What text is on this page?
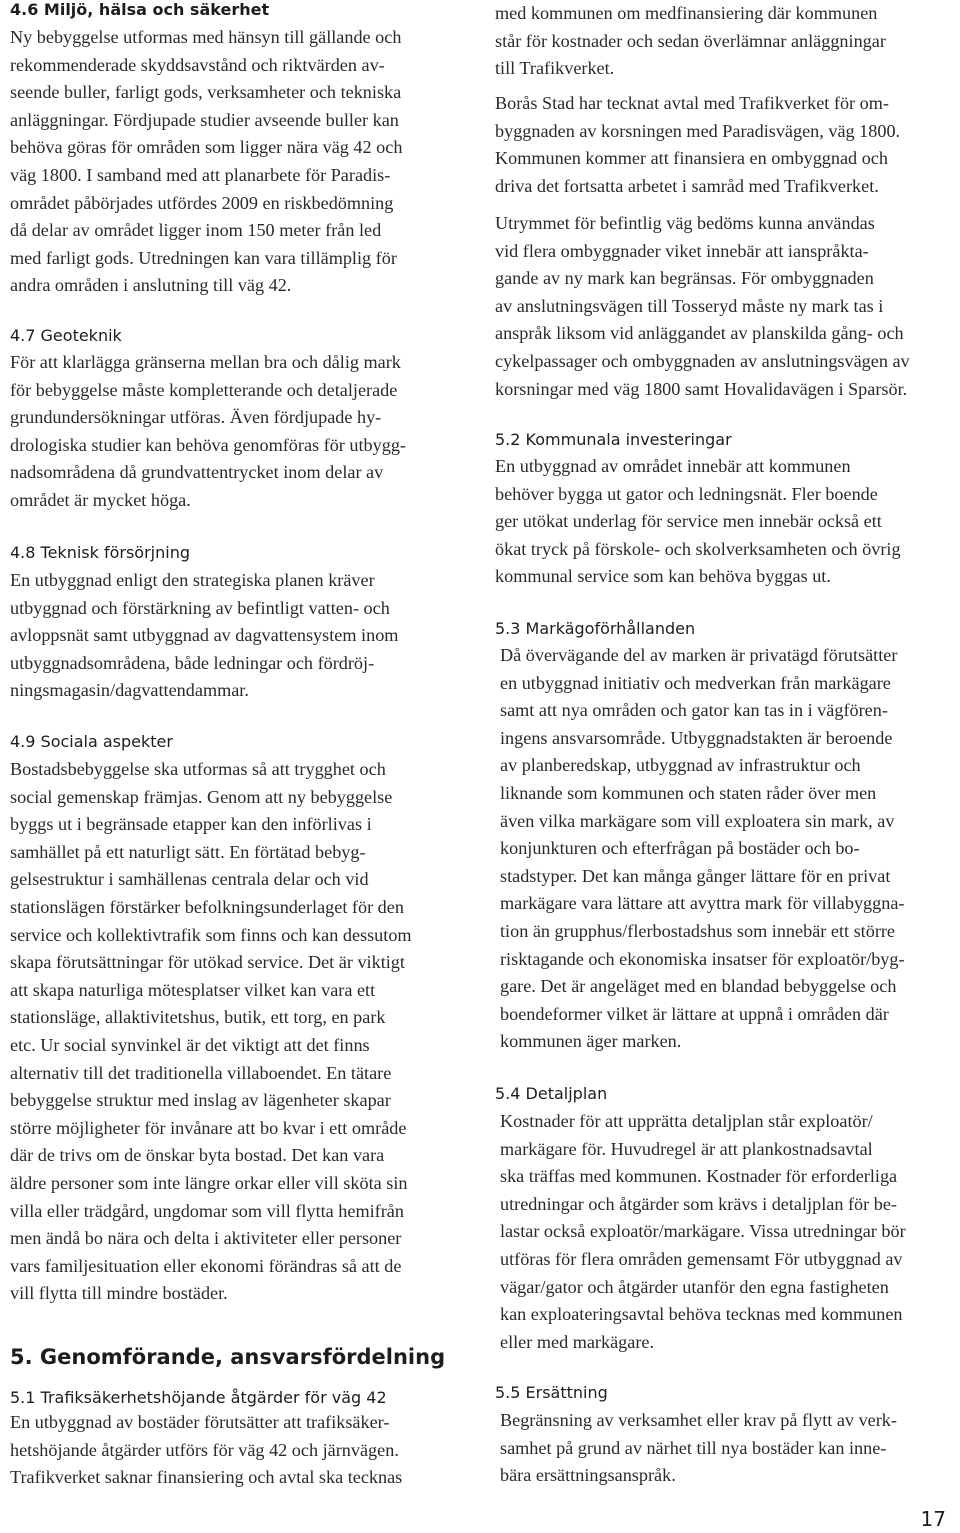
4.6 Miljö, hälsa och säkerhet
Ny bebyggelse utformas med hänsyn till gällande och
rekommenderade skyddsavstånd och riktvärden av-
seende buller, farligt gods, verksamheter och tekniska
anläggningar. Fördjupade studier avseende buller kan
behöva göras för områden som ligger nära väg 42 och
väg 1800. I samband med att planarbete för Paradis-
området påbörjades utfördes 2009 en riskbedömning
då delar av området ligger inom 150 meter från led
med farligt gods. Utredningen kan vara tillämplig för
andra områden i anslutning till väg 42.
4.7 Geoteknik
För att klarlägga gränserna mellan bra och dålig mark
för bebyggelse måste kompletterande och detaljerade
grundundersökningar utföras. Även fördjupade hy-
drologiska studier kan behöva genomföras för utbygg-
nadsområdena då grundvattentrycket inom delar av
området är mycket höga.
4.8 Teknisk försörjning
En utbyggnad enligt den strategiska planen kräver
utbyggnad och förstärkning av befintligt vatten- och
avloppsnät samt utbyggnad av dagvattensystem inom
utbyggnadsområdena, både ledningar och fördröj-
ningsmagasin/dagvattendammar.
4.9 Sociala aspekter
Bostadsbebyggelse ska utformas så att trygghet och
social gemenskap främjas. Genom att ny bebyggelse
byggs ut i begränsade etapper kan den införlivas i
samhället på ett naturligt sätt. En förtätad bebyg-
gelsestruktur i samhällenas centrala delar och vid
stationslägen förstärker befolkningsunderlaget för den
service och kollektivtrafik som finns och kan dessutom
skapa förutsättningar för utökad service. Det är viktigt
att skapa naturliga mötesplatser vilket kan vara ett
stationsläge, allaktivitetshus, butik, ett torg, en park
etc. Ur social synvinkel är det viktigt att det finns
alternativ till det traditionella villaboendet. En tätare
bebyggelse struktur med inslag av lägenheter skapar
större möjligheter för invånare att bo kvar i ett område
där de trivs om de önskar byta bostad. Det kan vara
äldre personer som inte längre orkar eller vill sköta sin
villa eller trädgård, ungdomar som vill flytta hemifrån
men ändå bo nära och delta i aktiviteter eller personer
vars familjesituation eller ekonomi förändras så att de
vill flytta till mindre bostäder.
5. Genomförande, ansvarsfördelning
5.1 Trafiksäkerhetshöjande åtgärder för väg 42
En utbyggnad av bostäder förutsätter att trafiksäker-
hetshöjande åtgärder utförs för väg 42 och järnvägen.
Trafikverket saknar finansiering och avtal ska tecknas
med kommunen om medfinansiering där kommunen
står för kostnader och sedan överlämnar anläggningar
till Trafikverket.
Borås Stad har tecknat avtal med Trafikverket för om-
byggnaden av korsningen med Paradisvägen, väg 1800.
Kommunen kommer att finansiera en ombyggnad och
driva det fortsatta arbetet i samråd med Trafikverket.
Utrymmet för befintlig väg bedöms kunna användas
vid flera ombyggnader viket innebär att ianspråkta-
gande av ny mark kan begränsas. För ombyggnaden
av anslutningsvägen till Tosseryd måste ny mark tas i
anspråk liksom vid anläggandet av planskilda gång- och
cykelpassager och ombyggnaden av anslutningsvägen av
korsningar med väg 1800 samt Hovalidavägen i Sparsör.
5.2 Kommunala investeringar
En utbyggnad av området innebär att kommunen
behöver bygga ut gator och ledningsnät. Fler boende
ger utökat underlag för service men innebär också ett
ökat tryck på förskole- och skolverksamheten och övrig
kommunal service som kan behöva byggas ut.
5.3 Markägoförhållanden
Då övervägande del av marken är privatägd förutsätter
en utbyggnad initiativ och medverkan från markägare
samt att nya områden och gator kan tas in i vägfören-
ingens ansvarsområde. Utbyggnadstakten är beroende
av planberedskap, utbyggnad av infrastruktur och
liknande som kommunen och staten råder över men
även vilka markägare som vill exploatera sin mark, av
konjunkturen och efterfrågan på bostäder och bo-
stadstyper. Det kan många gånger lättare för en privat
markägare vara lättare att avyttra mark för villabyggna-
tion än grupphus/flerbostadshus som innebär ett större
risktagande och ekonomiska insatser för exploatör/byg-
gare. Det är angeläget med en blandad bebyggelse och
boendeformer vilket är lättare at uppnå i områden där
kommunen äger marken.
5.4 Detaljplan
Kostnader för att upprätta detaljplan står exploatör/
markägare för. Huvudregel är att plankostnadsavtal
ska träffas med kommunen. Kostnader för erforderliga
utredningar och åtgärder som krävs i detaljplan för be-
lastar också exploatör/markägare. Vissa utredningar bör
utföras för flera områden gemensamt För utbyggnad av
vägar/gator och åtgärder utanför den egna fastigheten
kan exploateringsavtal behöva tecknas med kommunen
eller med markägare.
5.5 Ersättning
Begränsning av verksamhet eller krav på flytt av verk-
samhet på grund av närhet till nya bostäder kan inne-
bära ersättningsanspråk.
17
